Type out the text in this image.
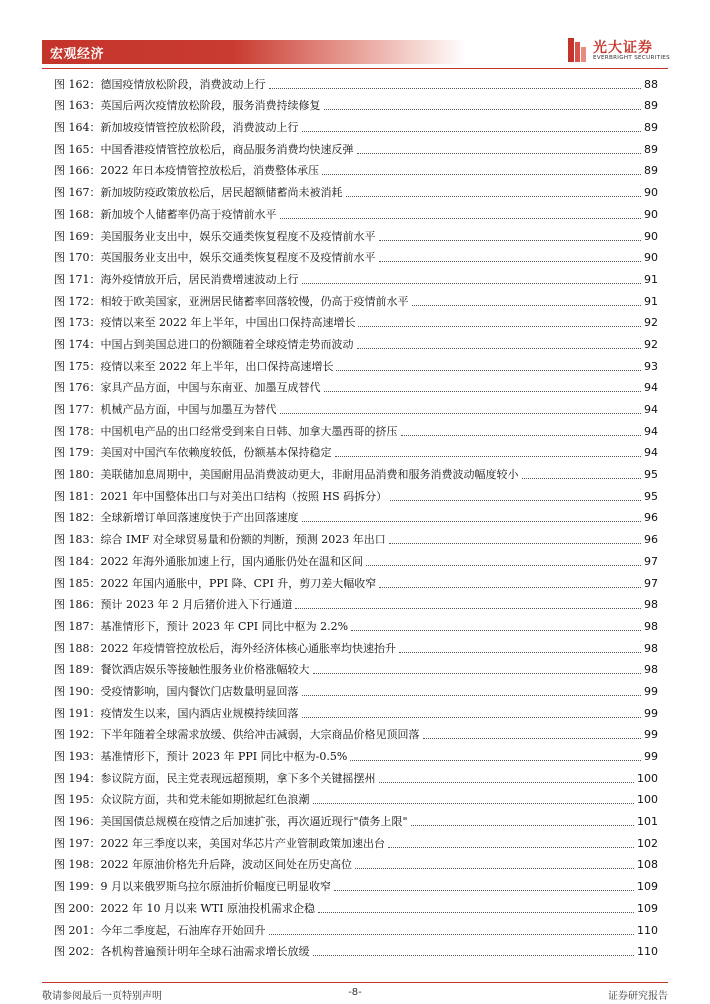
宏观经济	光大证券
EVERBRIGHT SECURITIES
图 162：德国疫情放松阶段，消费波动上行	88
图 163：英国后两次疫情放松阶段，服务消费持续修复	89
图 164：新加坡疫情管控放松阶段，消费波动上行	89
图 165：中国香港疫情管控放松后，商品服务消费均快速反弹	89
图 166：2022 年日本疫情管控放松后，消费整体承压	89
图 167：新加坡防疫政策放松后，居民超额储蓄尚未被消耗	90
图 168：新加坡个人储蓄率仍高于疫情前水平	90
图 169：美国服务业支出中，娱乐交通类恢复程度不及疫情前水平	90
图 170：英国服务业支出中，娱乐交通类恢复程度不及疫情前水平	90
图 171：海外疫情放开后，居民消费增速波动上行	91
图 172：相较于欧美国家，亚洲居民储蓄率回落较慢，仍高于疫情前水平	91
图 173：疫情以来至 2022 年上半年，中国出口保持高速增长	92
图 174：中国占到美国总进口的份额随着全球疫情走势而波动	92
图 175：疫情以来至 2022 年上半年，出口保持高速增长	93
图 176：家具产品方面，中国与东南亚、加墨互成替代	94
图 177：机械产品方面，中国与加墨互为替代	94
图 178：中国机电产品的出口经常受到来自日韩、加拿大墨西哥的挤压	94
图 179：美国对中国汽车依赖度较低，份额基本保持稳定	94
图 180：美联储加息周期中，美国耐用品消费波动更大，非耐用品消费和服务消费波动幅度较小	95
图 181：2021 年中国整体出口与对美出口结构（按照 HS 码拆分）	95
图 182：全球新增订单回落速度快于产出回落速度	96
图 183：综合 IMF 对全球贸易量和份额的判断，预测 2023 年出口	96
图 184：2022 年海外通胀加速上行，国内通胀仍处在温和区间	97
图 185：2022 年国内通胀中，PPI 降、CPI 升，剪刀差大幅收窄	97
图 186：预计 2023 年 2 月后猪价进入下行通道	98
图 187：基准情形下，预计 2023 年 CPI 同比中枢为 2.2%	98
图 188：2022 年疫情管控放松后，海外经济体核心通胀率均快速抬升	98
图 189：餐饮酒店娱乐等接触性服务业价格涨幅较大	98
图 190：受疫情影响，国内餐饮门店数量明显回落	99
图 191：疫情发生以来，国内酒店业规模持续回落	99
图 192：下半年随着全球需求放缓、供给冲击减弱，大宗商品价格见顶回落	99
图 193：基准情形下，预计 2023 年 PPI 同比中枢为-0.5%	99
图 194：参议院方面，民主党表现远超预期，拿下多个关键摇摆州	100
图 195：众议院方面，共和党未能如期掀起红色浪潮	100
图 196：美国国债总规模在疫情之后加速扩张，再次逼近现行"债务上限"	101
图 197：2022 年三季度以来，美国对华芯片产业管制政策加速出台	102
图 198：2022 年原油价格先升后降，波动区间处在历史高位	108
图 199：9 月以来俄罗斯乌拉尔原油折价幅度已明显收窄	109
图 200：2022 年 10 月以来 WTI 原油投机需求企稳	109
图 201：今年二季度起，石油库存开始回升	110
图 202：各机构普遍预计明年全球石油需求增长放缓	110
敬请参阅最后一页特别声明	-8-	证券研究报告
